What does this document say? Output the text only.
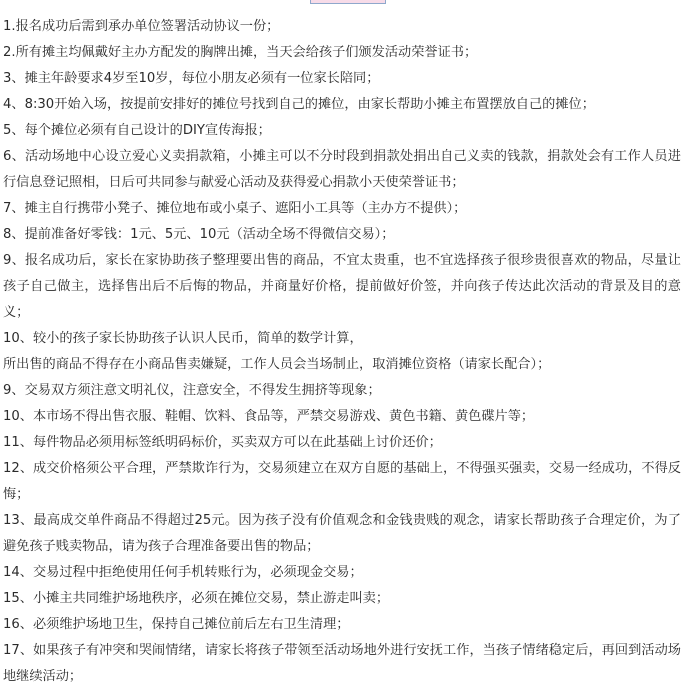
1.报名成功后需到承办单位签署活动协议一份；

2.所有摊主均佩戴好主办方配发的胸牌出摊，当天会给孩子们颁发活动荣誉证书；

3、摊主年龄要求4岁至10岁，每位小朋友必须有一位家长陪同；

4、8:30开始入场，按提前安排好的摊位号找到自己的摊位，由家长帮助小摊主布置摆放自己的摊位；

5、每个摊位必须有自己设计的DIY宣传海报；

6、活动场地中心设立爱心义卖捐款箱，小摊主可以不分时段到捐款处捐出自己义卖的钱款，捐款处会有工作人员进行信息登记照相，日后可共同参与献爱心活动及获得爱心捐款小天使荣誉证书；

7、摊主自行携带小凳子、摊位地布或小桌子、遮阳小工具等（主办方不提供）；

8、提前准备好零钱：1元、5元、10元（活动全场不得微信交易）；

9、报名成功后，家长在家协助孩子整理要出售的商品，不宜太贵重，也不宜选择孩子很珍贵很喜欢的物品，尽量让孩子自己做主，选择售出后不后悔的物品，并商量好价格，提前做好价签，并向孩子传达此次活动的背景及目的意义；

10、较小的孩子家长协助孩子认识人民币，简单的数学计算，

所出售的商品不得存在小商品售卖嫌疑，工作人员会当场制止，取消摊位资格（请家长配合）；

9、交易双方须注意文明礼仪，注意安全，不得发生拥挤等现象；

10、本市场不得出售衣服、鞋帽、饮料、食品等，严禁交易游戏、黄色书籍、黄色碟片等；

11、每件物品必须用标签纸明码标价，买卖双方可以在此基础上讨价还价；

12、成交价格须公平合理，严禁欺诈行为，交易须建立在双方自愿的基础上，不得强买强卖，交易一经成功，不得反悔；

13、最高成交单件商品不得超过25元。因为孩子没有价值观念和金钱贵贱的观念，请家长帮助孩子合理定价，为了避免孩子贱卖物品，请为孩子合理准备要出售的物品；

14、交易过程中拒绝使用任何手机转账行为，必须现金交易；

15、小摊主共同维护场地秩序，必须在摊位交易，禁止游走叫卖；

16、必须维护场地卫生，保持自己摊位前后左右卫生清理；

17、如果孩子有冲突和哭闹情绪，请家长将孩子带领至活动场地外进行安抚工作，当孩子情绪稳定后，再回到活动场地继续活动；
